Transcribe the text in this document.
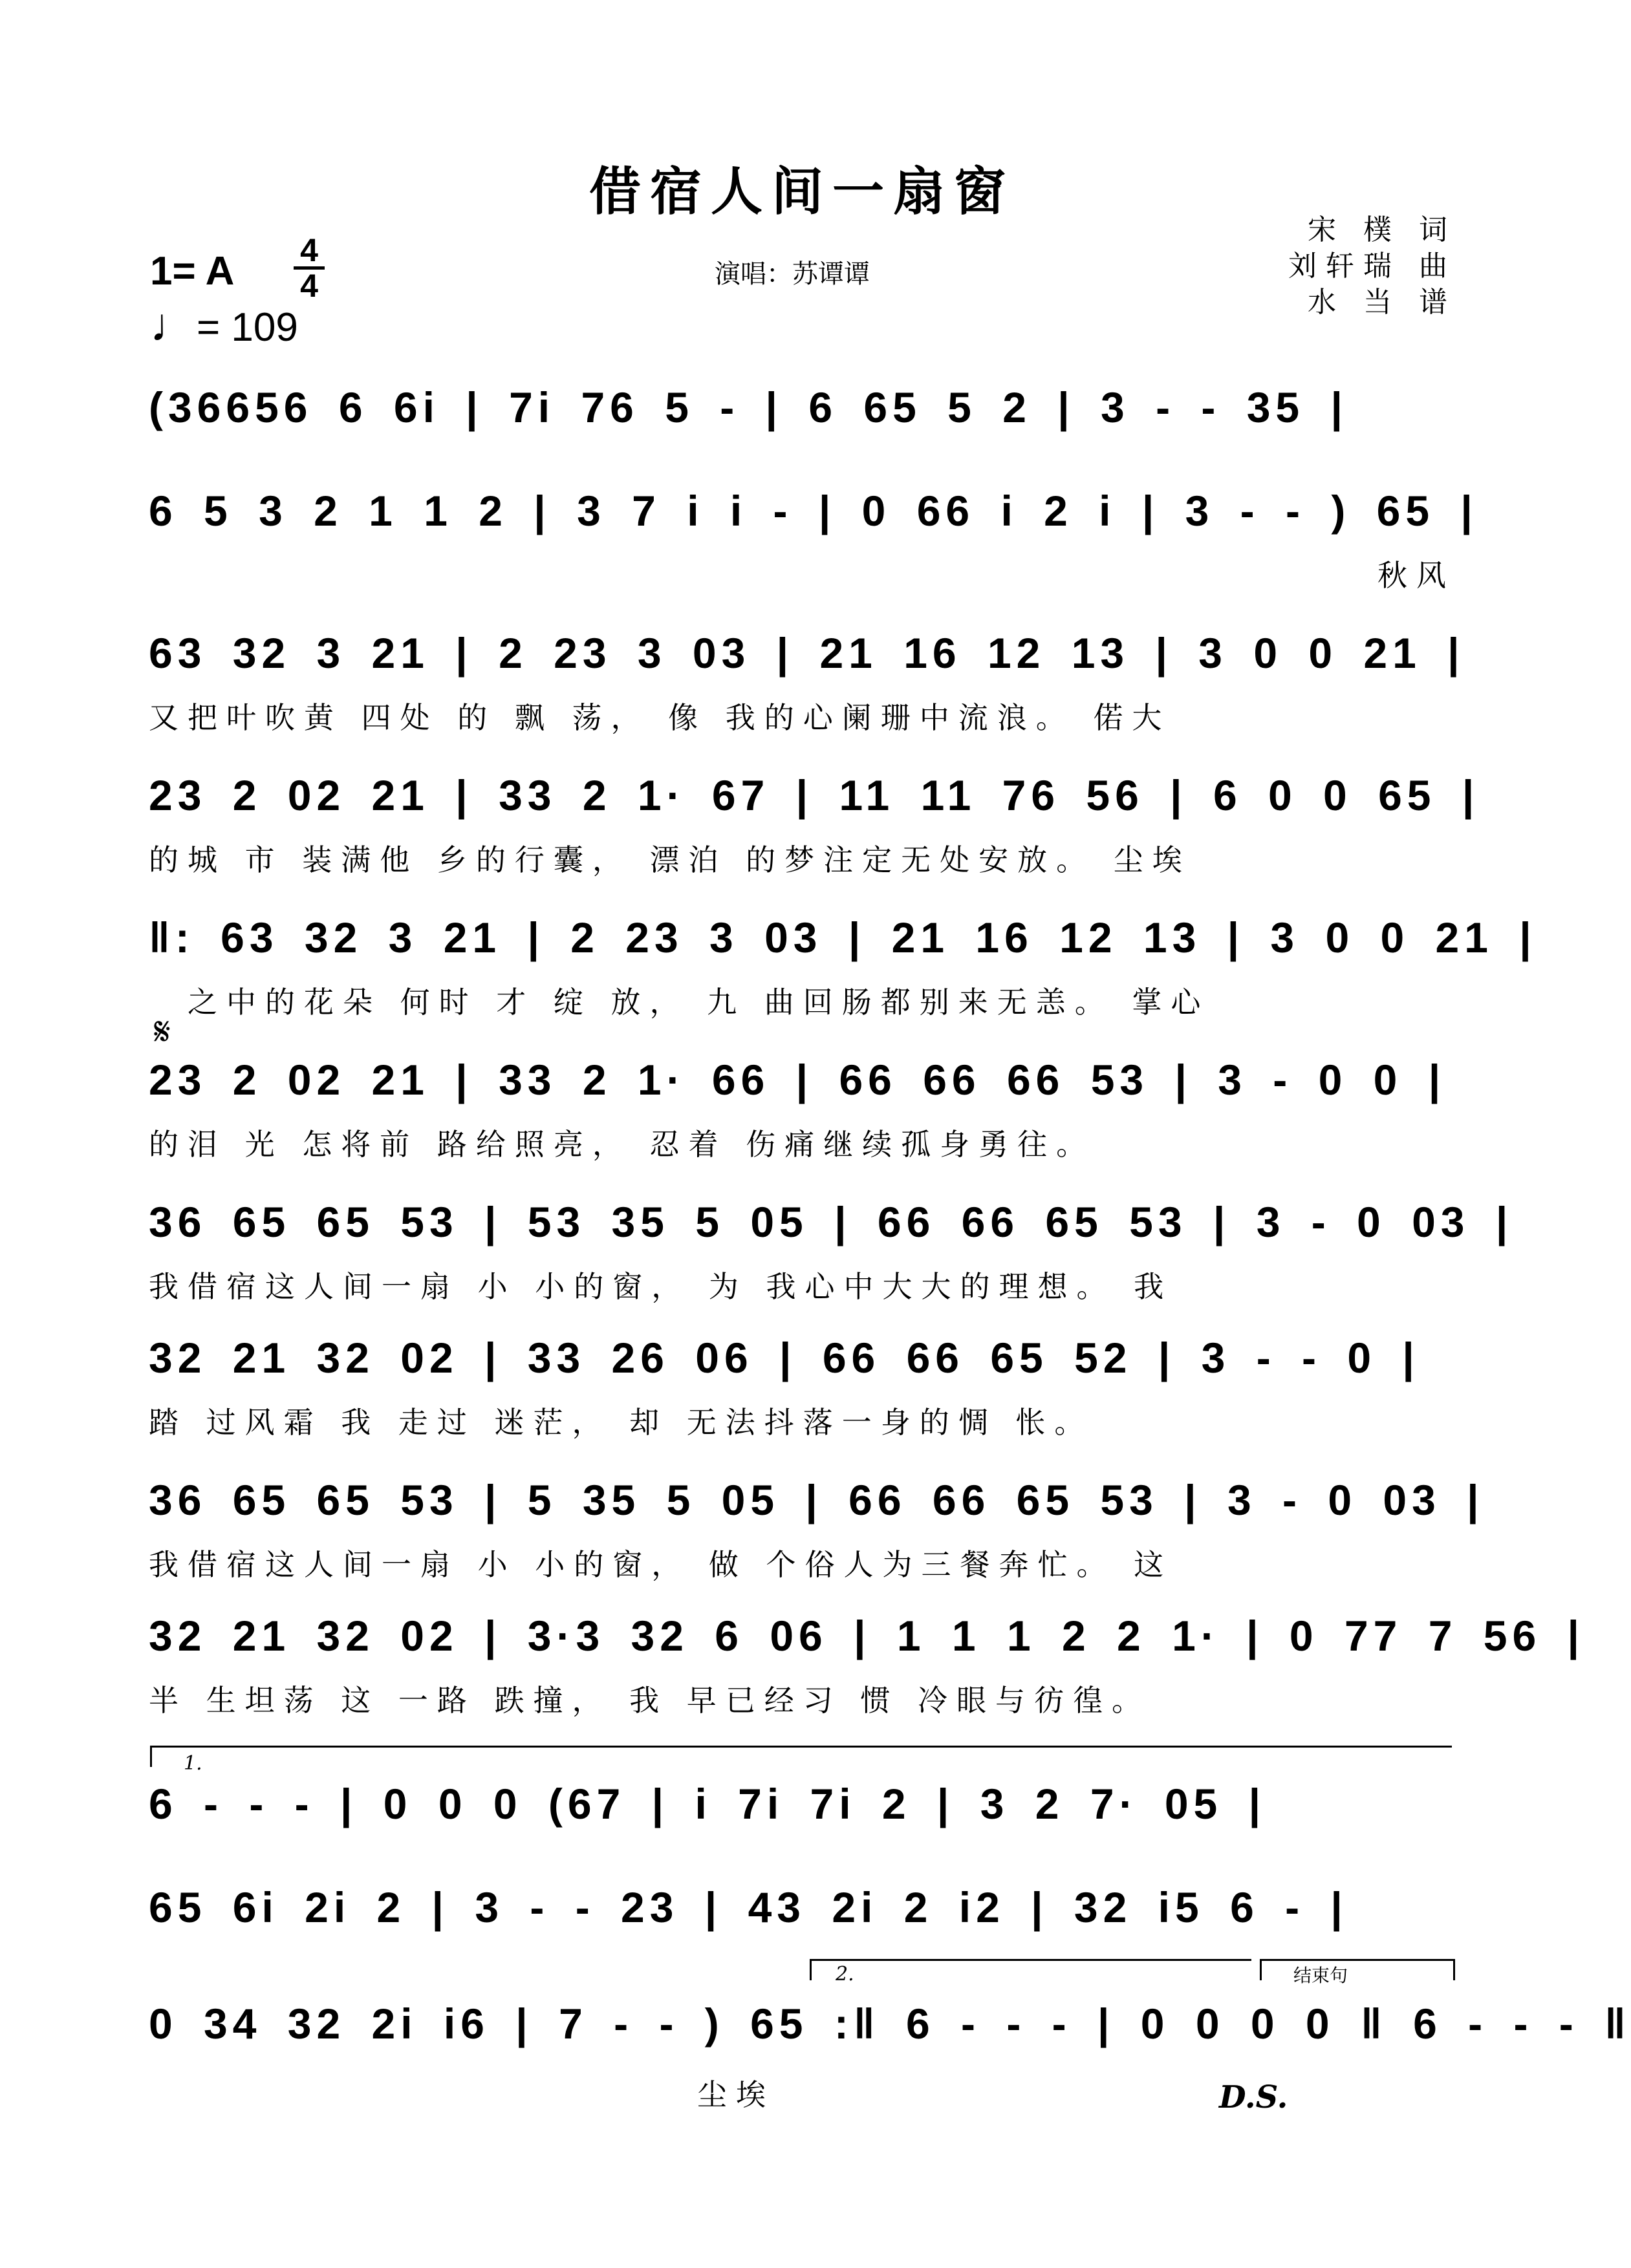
借宿人间一扇窗
宋 樸 词
刘轩瑞 曲
水 当 谱
演唱：苏谭谭
1= A	4
4
♩= 109
(36656 6 6i | 7i 76 5 - | 6 65 5 2 | 3 - - 35 |
6 5 3 2 1 1 2 | 3 7 i i - | 0 66 i 2 i | 3 - - ) 65 |
秋风
63 32 3 21 | 2 23 3 03 | 21 16 12 13 | 3 0 0 21 |
又把叶吹黄 四处 的 飘 荡， 像 我的心阑珊中流浪。 偌大
23 2 02 21 | 33 2 1· 67 | 11 11 76 56 | 6 0 0 65 |
的城 市 装满他 乡的行囊， 漂泊 的梦注定无处安放。 尘埃
‖: 63 32 3 21 | 2 23 3 03 | 21 16 12 13 | 3 0 0 21 |
之中的花朵 何时 才 绽 放， 九 曲回肠都别来无恙。 掌心
𝄋
23 2 02 21 | 33 2 1· 66 | 66 66 66 53 | 3 - 0 0 |
的泪 光 怎将前 路给照亮， 忍着 伤痛继续孤身勇往。
36 65 65 53 | 53 35 5 05 | 66 66 65 53 | 3 - 0 03 |
我借宿这人间一扇 小 小的窗， 为 我心中大大的理想。 我
32 21 32 02 | 33 26 06 | 66 66 65 52 | 3 - - 0 |
踏 过风霜 我 走过 迷茫， 却 无法抖落一身的惆 怅。
36 65 65 53 | 5 35 5 05 | 66 66 65 53 | 3 - 0 03 |
我借宿这人间一扇 小 小的窗， 做 个俗人为三餐奔忙。 这
32 21 32 02 | 3·3 32 6 06 | 1 1 1 2 2 1· | 0 77 7 56 |
半 生坦荡 这 一路 跌撞， 我 早已经习 惯 冷眼与彷徨。
1.
6 - - - | 0 0 0 (67 | i 7i 7i 2 | 3 2 7· 05 |
65 6i 2i 2 | 3 - - 23 | 43 2i 2 i2 | 32 i5 6 - |
2.	结束句
0 34 32 2i i6 | 7 - - ) 65 :‖ 6 - - - | 0 0 0 0 ‖ 6 - - - ‖
尘埃	D.S.
